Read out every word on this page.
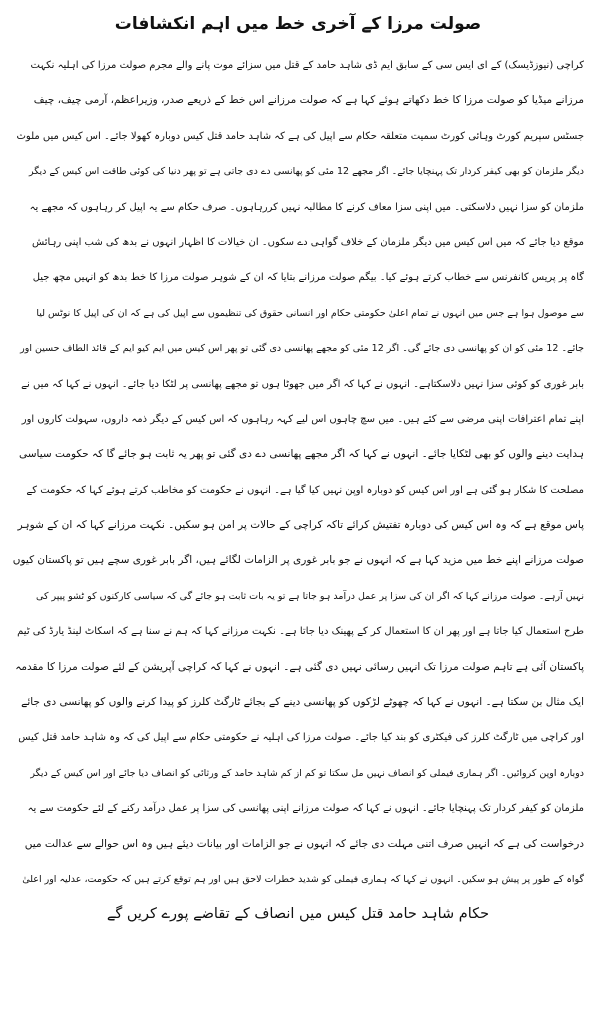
صولت مرزا کے آخری خط میں اہم انکشافات
کراچی (نیوزڈیسک) کے ای ایس سی کے سابق ایم ڈی شاہد حامد کے قتل میں سزائے موت پانے والے مجرم صولت مرزا کی اہلیہ نکہت
مرزانے میڈیا کو صولت مرزا کا خط دکھاتے ہوئے کہا ہے کہ صولت مرزانے اس خط کے ذریعے صدر، وزیراعظم، آرمی چیف، چیف
جسٹس سپریم کورٹ وہائی کورٹ سمیت متعلقہ حکام سے اپیل کی ہے کہ شاہد حامد قتل کیس دوبارہ کھولا جائے۔ اس کیس میں ملوث
دیگر ملزمان کو بھی کیفر کردار تک پہنچایا جائے۔ اگر مجھے 12 مئی کو پھانسی دے دی جاتی ہے تو پھر دنیا کی کوئی طاقت اس کیس کے دیگر
ملزمان کو سزا نہیں دلاسکتی۔ میں اپنی سزا معاف کرنے کا مطالبہ نہیں کررہاہوں۔ صرف حکام سے یہ اپیل کر رہاہوں کہ مجھے یہ
موقع دیا جائے کہ میں اس کیس میں دیگر ملزمان کے خلاف گواہی دے سکوں۔ ان خیالات کا اظہار انہوں نے بدھ کی شب اپنی رہائش
گاہ پر پریس کانفرنس سے خطاب کرتے ہوئے کیا۔ بیگم صولت مرزانے بتایا کہ ان کے شوہر صولت مرزا کا خط بدھ کو انہیں مچھ جیل
سے موصول ہوا ہے جس میں انہوں نے تمام اعلیٰ حکومتی حکام اور انسانی حقوق کی تنظیموں سے اپیل کی ہے کہ ان کی اپیل کا نوٹس لیا
جائے۔ 12 مئی کو ان کو پھانسی دی جائے گی۔ اگر 12 مئی کو مجھے پھانسی دی گئی تو پھر اس کیس میں ایم کیو ایم کے قائد الطاف حسین اور
بابر غوری کو کوئی سزا نہیں دلاسکتاہے۔ انہوں نے کہا کہ اگر میں جھوٹا ہوں تو مجھے پھانسی پر لٹکا دیا جائے۔ انہوں نے کہا کہ میں نے
اپنے تمام اعترافات اپنی مرضی سے کئے ہیں۔ میں سچ چاہوں اس لیے کہہ رہاہوں کہ اس کیس کے دیگر ذمہ داروں، سہولت کاروں اور
ہدایت دینے والوں کو بھی لٹکایا جائے۔ انہوں نے کہا کہ اگر مجھے پھانسی دے دی گئی تو پھر یہ ثابت ہو جائے گا کہ حکومت سیاسی
مصلحت کا شکار ہو گئی ہے اور اس کیس کو دوبارہ اوپن نہیں کیا گیا ہے۔ انہوں نے حکومت کو مخاطب کرتے ہوئے کہا کہ حکومت کے
پاس موقع ہے کہ وہ اس کیس کی دوبارہ تفتیش کرائے تاکہ کراچی کے حالات پر امن ہو سکیں۔ نکہت مرزانے کہا کہ ان کے شوہر
صولت مرزانے اپنے خط میں مزید کہا ہے کہ انہوں نے جو بابر غوری پر الزامات لگائے ہیں، اگر بابر غوری سچے ہیں تو پاکستان کیوں
نہیں آرہے۔ صولت مرزانے کہا کہ اگر ان کی سزا پر عمل درآمد ہو جاتا ہے تو یہ بات ثابت ہو جائے گی کہ سیاسی کارکنوں کو ٹشو پیپر کی
طرح استعمال کیا جاتا ہے اور پھر ان کا استعمال کر کے پھینک دیا جاتا ہے۔ نکہت مرزانے کہا کہ ہم نے سنا ہے کہ اسکاٹ لینڈ یارڈ کی ٹیم
پاکستان آئی ہے تاہم صولت مرزا تک انہیں رسائی نہیں دی گئی ہے۔ انہوں نے کہا کہ کراچی آپریشن کے لئے صولت مرزا کا مقدمہ
ایک مثال بن سکتا ہے۔ انہوں نے کہا کہ چھوٹے لڑکوں کو پھانسی دینے کے بجائے ٹارگٹ کلرز کو پیدا کرنے والوں کو پھانسی دی جائے
اور کراچی میں ٹارگٹ کلرز کی فیکٹری کو بند کیا جائے۔ صولت مرزا کی اہلیہ نے حکومتی حکام سے اپیل کی کہ وہ شاہد حامد قتل کیس
دوبارہ اوپن کروائیں۔ اگر ہماری فیملی کو انصاف نہیں مل سکتا تو کم از کم شاہد حامد کے ورثائی کو انصاف دیا جائے اور اس کیس کے دیگر
ملزمان کو کیفر کردار تک پہنچایا جائے۔ انہوں نے کہا کہ صولت مرزانے اپنی پھانسی کی سزا پر عمل درآمد رکنے کے لئے حکومت سے یہ
درخواست کی ہے کہ انہیں صرف اتنی مہلت دی جائے کہ انہوں نے جو الزامات اور بیانات دیئے ہیں وہ اس حوالے سے عدالت میں
گواہ کے طور پر پیش ہو سکیں۔ انہوں نے کہا کہ ہماری فیملی کو شدید خطرات لاحق ہیں اور ہم توقع کرتے ہیں کہ حکومت، عدلیہ اور اعلیٰ
حکام شاہد حامد قتل کیس میں انصاف کے تقاضے پورے کریں گے
